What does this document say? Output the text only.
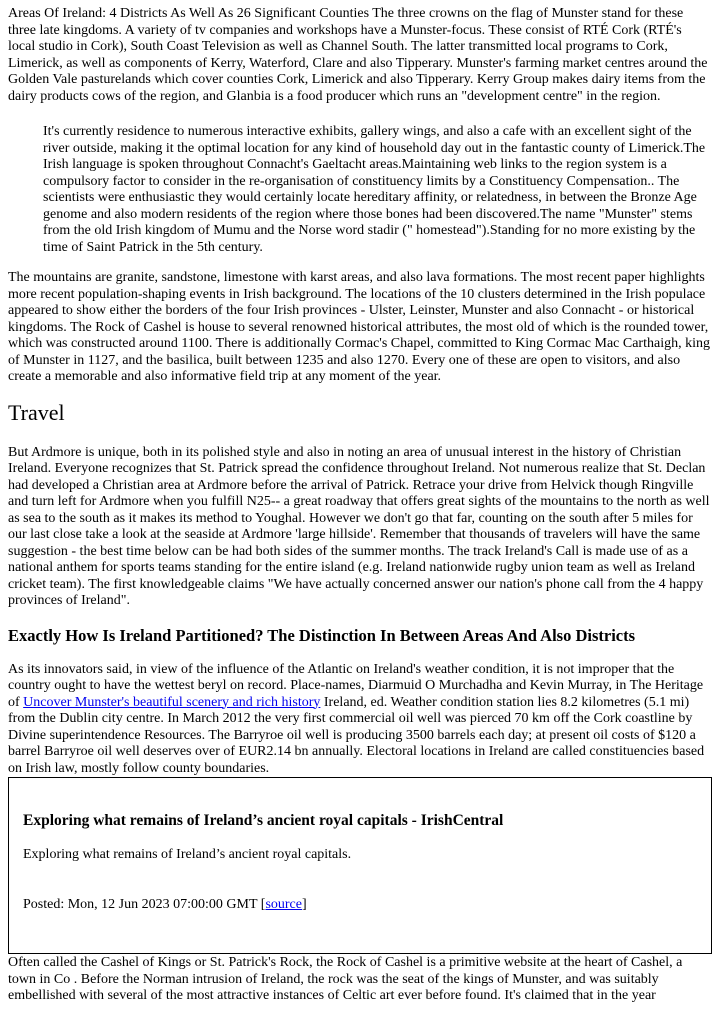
Areas Of Ireland: 4 Districts As Well As 26 Significant Counties The three crowns on the flag of Munster stand for these three late kingdoms. A variety of tv companies and workshops have a Munster-focus. These consist of RTÉ Cork (RTÉ's local studio in Cork), South Coast Television as well as Channel South. The latter transmitted local programs to Cork, Limerick, as well as components of Kerry, Waterford, Clare and also Tipperary. Munster's farming market centres around the Golden Vale pasturelands which cover counties Cork, Limerick and also Tipperary. Kerry Group makes dairy items from the dairy products cows of the region, and Glanbia is a food producer which runs an "development centre" in the region.

It's currently residence to numerous interactive exhibits, gallery wings, and also a cafe with an excellent sight of the river outside, making it the optimal location for any kind of household day out in the fantastic county of Limerick.The Irish language is spoken throughout Connacht's Gaeltacht areas.Maintaining web links to the region system is a compulsory factor to consider in the re-organisation of constituency limits by a Constituency Compensation.. The scientists were enthusiastic they would certainly locate hereditary affinity, or relatedness, in between the Bronze Age genome and also modern residents of the region where those bones had been discovered.The name "Munster" stems from the old Irish kingdom of Mumu and the Norse word stadir (" homestead").Standing for no more existing by the time of Saint Patrick in the 5th century.

The mountains are granite, sandstone, limestone with karst areas, and also lava formations. The most recent paper highlights more recent population-shaping events in Irish background. The locations of the 10 clusters determined in the Irish populace appeared to show either the borders of the four Irish provinces - Ulster, Leinster, Munster and also Connacht - or historical kingdoms. The Rock of Cashel is house to several renowned historical attributes, the most old of which is the rounded tower, which was constructed around 1100. There is additionally Cormac's Chapel, committed to King Cormac Mac Carthaigh, king of Munster in 1127, and the basilica, built between 1235 and also 1270. Every one of these are open to visitors, and also create a memorable and also informative field trip at any moment of the year.

Travel

But Ardmore is unique, both in its polished style and also in noting an area of unusual interest in the history of Christian Ireland. Everyone recognizes that St. Patrick spread the confidence throughout Ireland. Not numerous realize that St. Declan had developed a Christian area at Ardmore before the arrival of Patrick. Retrace your drive from Helvick though Ringville and turn left for Ardmore when you fulfill N25-- a great roadway that offers great sights of the mountains to the north as well as sea to the south as it makes its method to Youghal. However we don't go that far, counting on the south after 5 miles for our last close take a look at the seaside at Ardmore 'large hillside'. Remember that thousands of travelers will have the same suggestion - the best time below can be had both sides of the summer months. The track Ireland's Call is made use of as a national anthem for sports teams standing for the entire island (e.g. Ireland nationwide rugby union team as well as Ireland cricket team). The first knowledgeable claims "We have actually concerned answer our nation's phone call from the 4 happy provinces of Ireland".

Exactly How Is Ireland Partitioned? The Distinction In Between Areas And Also Districts

As its innovators said, in view of the influence of the Atlantic on Ireland's weather condition, it is not improper that the country ought to have the wettest beryl on record. Place-names, Diarmuid O Murchadha and Kevin Murray, in The Heritage of Uncover Munster's beautiful scenery and rich history Ireland, ed. Weather condition station lies 8.2 kilometres (5.1 mi) from the Dublin city centre. In March 2012 the very first commercial oil well was pierced 70 km off the Cork coastline by Divine superintendence Resources. The Barryroe oil well is producing 3500 barrels each day; at present oil costs of $120 a barrel Barryroe oil well deserves over of EUR2.14 bn annually. Electoral locations in Ireland are called constituencies based on Irish law, mostly follow county boundaries.

Exploring what remains of Ireland’s ancient royal capitals - IrishCentral

Exploring what remains of Ireland’s ancient royal capitals.

Posted: Mon, 12 Jun 2023 07:00:00 GMT [source]

Often called the Cashel of Kings or St. Patrick's Rock, the Rock of Cashel is a primitive website at the heart of Cashel, a town in Co . Before the Norman intrusion of Ireland, the rock was the seat of the kings of Munster, and was suitably embellished with several of the most attractive instances of Celtic art ever before found. It's claimed that in the year
